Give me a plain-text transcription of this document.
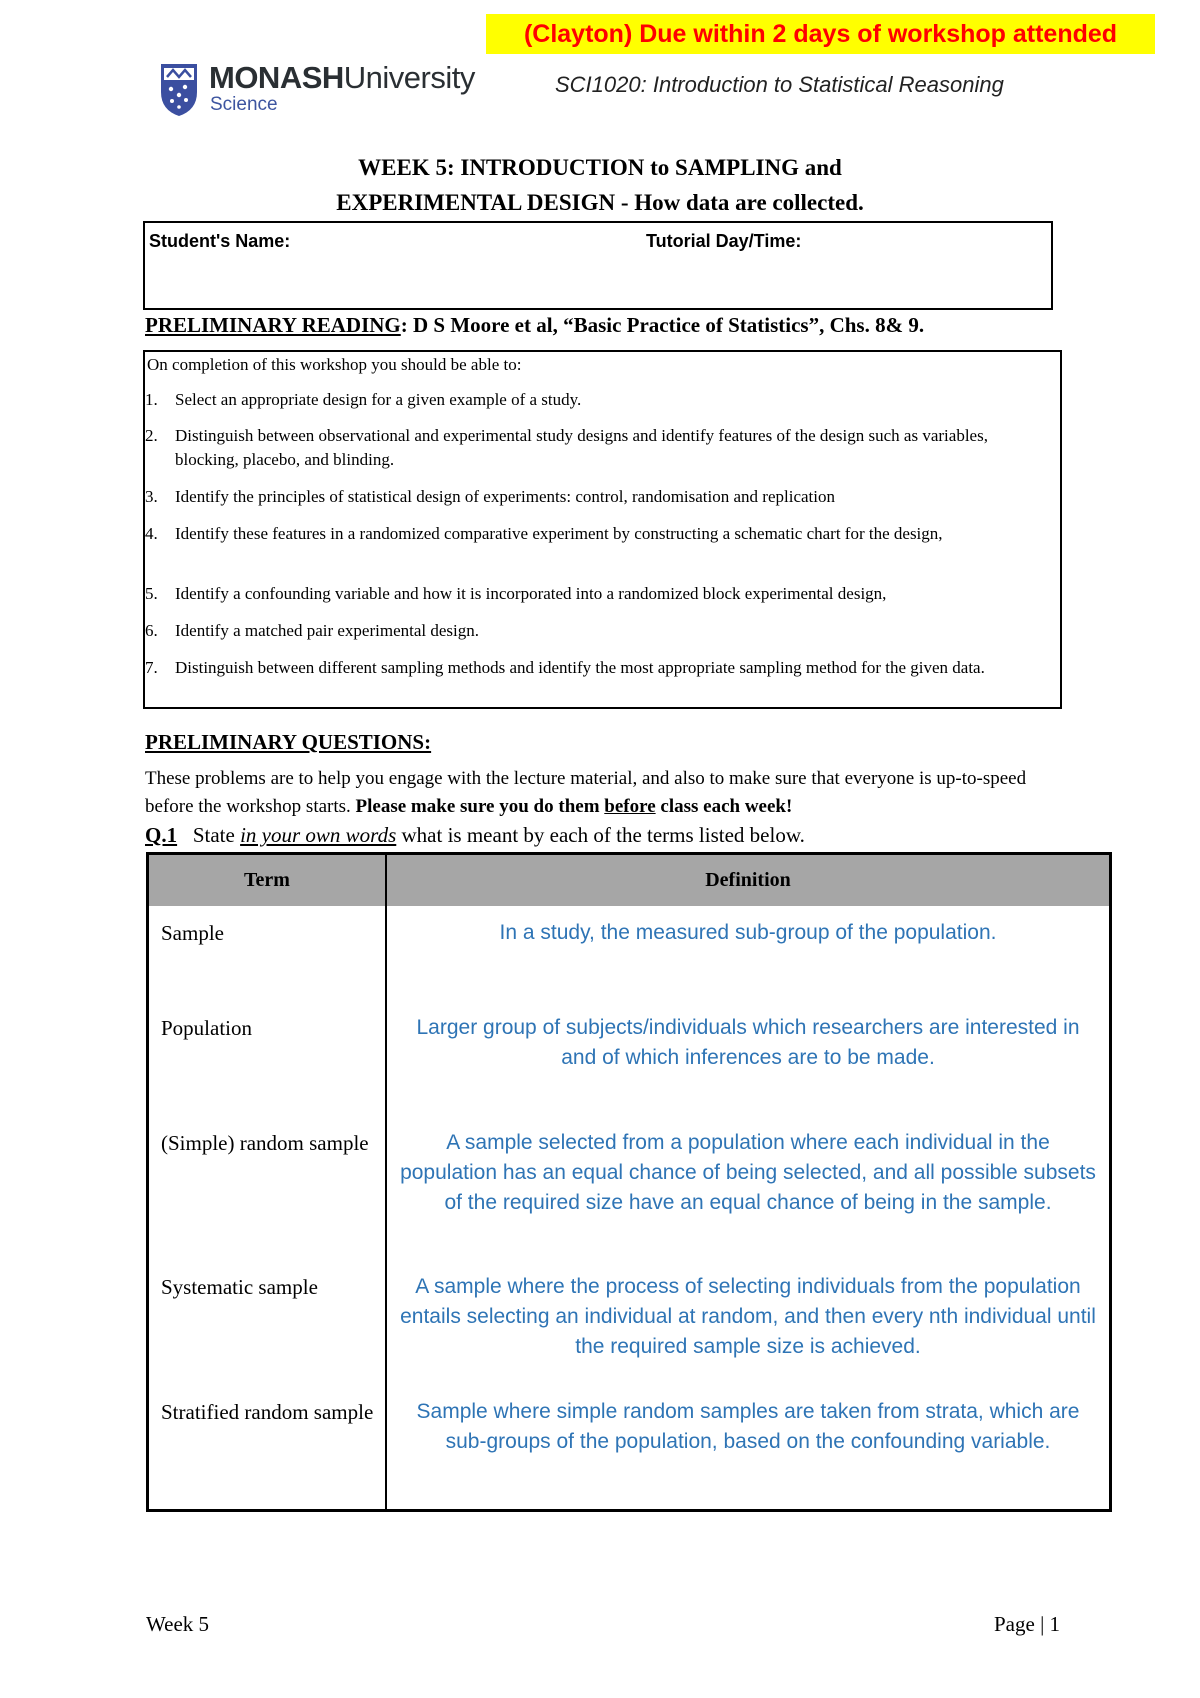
(Clayton) Due within 2 days of workshop attended
MONASHUniversity
Science
SCI1020: Introduction to Statistical Reasoning
WEEK 5: INTRODUCTION to SAMPLING and
EXPERIMENTAL DESIGN - How data are collected.
Student's Name:	Tutorial Day/Time:
PRELIMINARY READING: D S Moore et al, “Basic Practice of Statistics”, Chs. 8& 9.
On completion of this workshop you should be able to:
1.	Select an appropriate design for a given example of a study.
2.	Distinguish between observational and experimental study designs and identify features of the design such as variables, blocking, placebo, and blinding.
3.	Identify the principles of statistical design of experiments: control, randomisation and replication
4.	Identify these features in a randomized comparative experiment by constructing a schematic chart for the design,
5.	Identify a confounding variable and how it is incorporated into a randomized block experimental design,
6.	Identify a matched pair experimental design.
7.	Distinguish between different sampling methods and identify the most appropriate sampling method for the given data.
PRELIMINARY QUESTIONS:
These problems are to help you engage with the lecture material, and also to make sure that everyone is up-to-speed before the workshop starts. Please make sure you do them before class each week!
Q.1   State in your own words what is meant by each of the terms listed below.
Term	Definition
Sample	In a study, the measured sub-group of the population.
Population	Larger group of subjects/individuals which researchers are interested in and of which inferences are to be made.
(Simple) random sample	A sample selected from a population where each individual in the population has an equal chance of being selected, and all possible subsets of the required size have an equal chance of being in the sample.
Systematic sample	A sample where the process of selecting individuals from the population entails selecting an individual at random, and then every nth individual until the required sample size is achieved.
Stratified random sample	Sample where simple random samples are taken from strata, which are sub-groups of the population, based on the confounding variable.
Week 5	Page | 1
